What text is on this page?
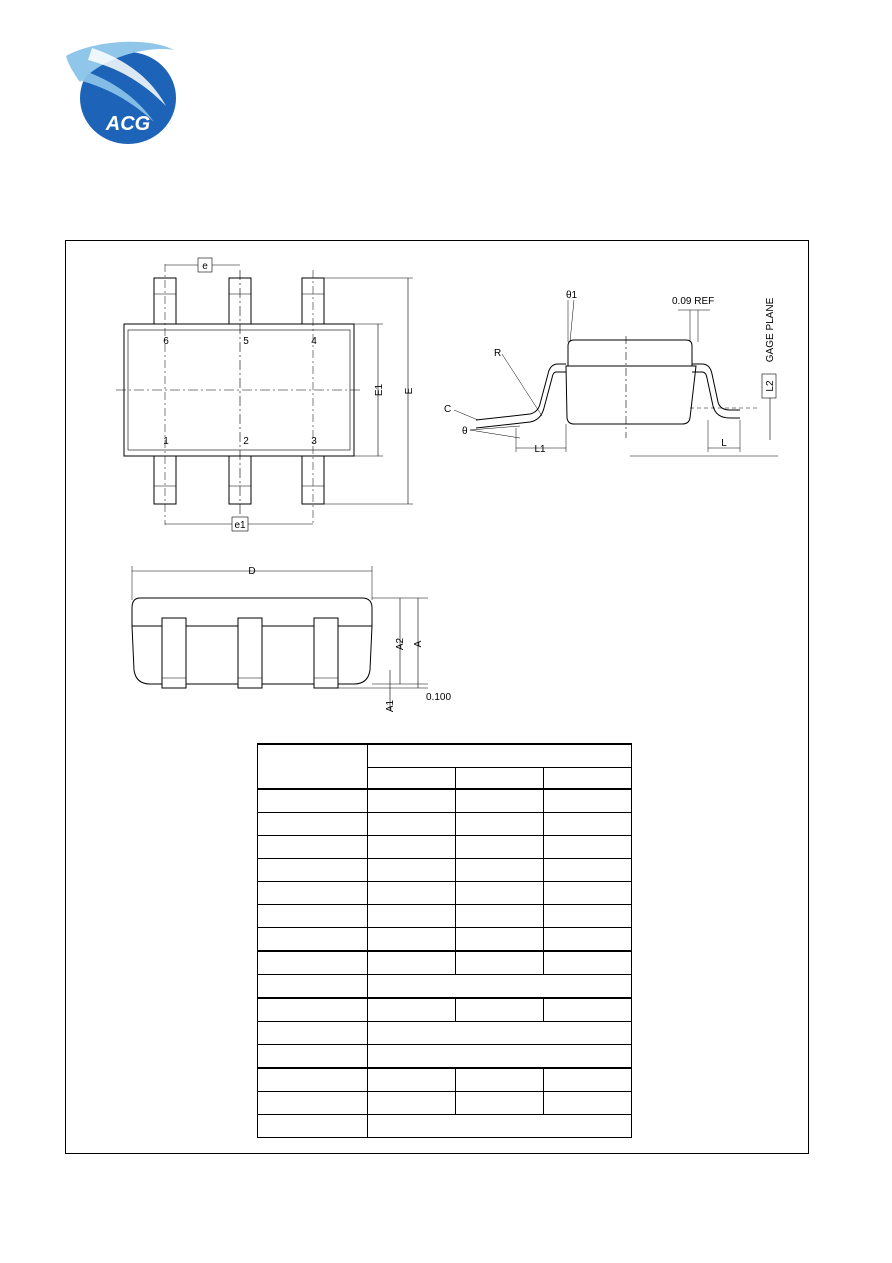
ACG
e
e1
E
E1
6	5	4
1	2	3
L2
GAGE PLANE
L
L1
θ1
0.09 REF
R
C
θ
D
A2 A
A1
0.100
